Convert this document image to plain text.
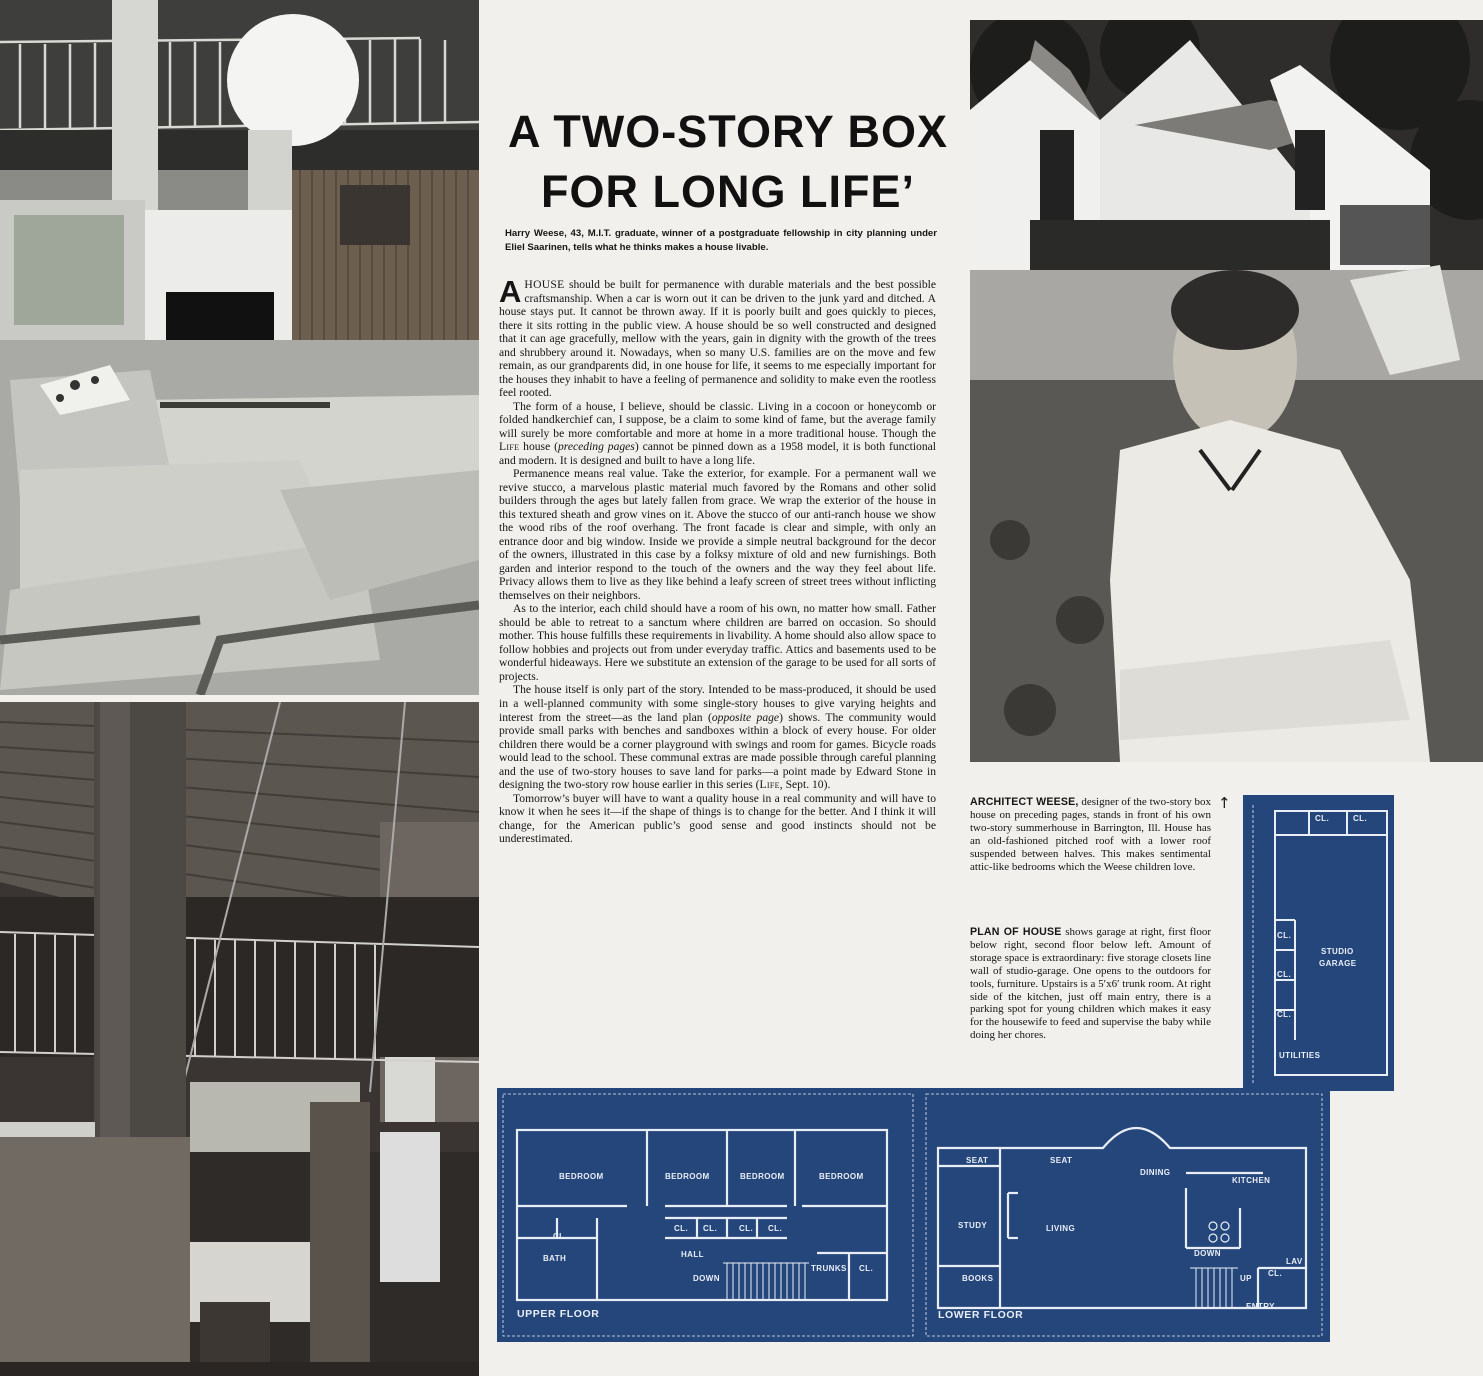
A TWO-STORY BOX
FOR LONG LIFE’
Harry Weese, 43, M.I.T. graduate, winner of a postgraduate fellowship in city planning under Eliel Saarinen, tells what he thinks makes a house livable.

AHOUSE should be built for permanence with durable materials and the best possible craftsmanship. When a car is worn out it can be driven to the junk yard and ditched. A house stays put. It cannot be thrown away. If it is poorly built and goes quickly to pieces, there it sits rotting in the public view. A house should be so well constructed and designed that it can age gracefully, mellow with the years, gain in dignity with the growth of the trees and shrubbery around it. Nowadays, when so many U.S. families are on the move and few remain, as our grandparents did, in one house for life, it seems to me especially important for the houses they inhabit to have a feeling of permanence and solidity to make even the rootless feel rooted.

The form of a house, I believe, should be classic. Living in a cocoon or honeycomb or folded handkerchief can, I suppose, be a claim to some kind of fame, but the average family will surely be more comfortable and more at home in a more traditional house. Though the Life house (preceding pages) cannot be pinned down as a 1958 model, it is both functional and modern. It is designed and built to have a long life.

Permanence means real value. Take the exterior, for example. For a permanent wall we revive stucco, a marvelous plastic material much favored by the Romans and other solid builders through the ages but lately fallen from grace. We wrap the exterior of the house in this textured sheath and grow vines on it. Above the stucco of our anti-ranch house we show the wood ribs of the roof overhang. The front facade is clear and simple, with only an entrance door and big window. Inside we provide a simple neutral background for the decor of the owners, illustrated in this case by a folksy mixture of old and new furnishings. Both garden and interior respond to the touch of the owners and the way they feel about life. Privacy allows them to live as they like behind a leafy screen of street trees without inflicting themselves on their neighbors.

As to the interior, each child should have a room of his own, no matter how small. Father should be able to retreat to a sanctum where children are barred on occasion. So should mother. This house fulfills these requirements in livability. A home should also allow space to follow hobbies and projects out from under everyday traffic. Attics and basements used to be wonderful hideaways. Here we substitute an extension of the garage to be used for all sorts of projects.

The house itself is only part of the story. Intended to be mass-produced, it should be used in a well-planned community with some single-story houses to give varying heights and interest from the street—as the land plan (opposite page) shows. The community would provide small parks with benches and sandboxes within a block of every house. For older children there would be a corner playground with swings and room for games. Bicycle roads would lead to the school. These communal extras are made possible through careful planning and the use of two-story houses to save land for parks—a point made by Edward Stone in designing the two-story row house earlier in this series (Life, Sept. 10).

Tomorrow’s buyer will have to want a quality house in a real community and will have to know it when he sees it—if the shape of things is to change for the better. And I think it will change, for the American public’s good sense and good instincts should not be underestimated.

ARCHITECT WEESE, designer of the two-story box house on preceding pages, stands in front of his own two-story summerhouse in Barrington, Ill. House has an old-fashioned pitched roof with a lower roof suspended between halves. This makes sentimental attic-like bedrooms which the Weese children love.
↑
PLAN OF HOUSE shows garage at right, first floor below right, second floor below left. Amount of storage space is extraordinary: five storage closets line wall of studio-garage. One opens to the outdoors for tools, furniture. Upstairs is a 5′x6′ trunk room. At right side of the kitchen, just off main entry, there is a parking spot for young children which makes it easy for the housewife to feed and supervise the baby while doing her chores.
CL.	CL.
CL.
CL.
CL.
STUDIO
GARAGE
UTILITIES
BEDROOM	BEDROOM	BEDROOM	BEDROOM
CL.
CL. CL.	CL. CL.
CL.
BATH	HALL
DOWN
TRUNKS
UPPER FLOOR
SEAT	SEAT
DINING
KITCHEN
STUDY	LIVING
BOOKS
DOWN
UP
CL.
LAV
ENTRY
LOWER FLOOR
